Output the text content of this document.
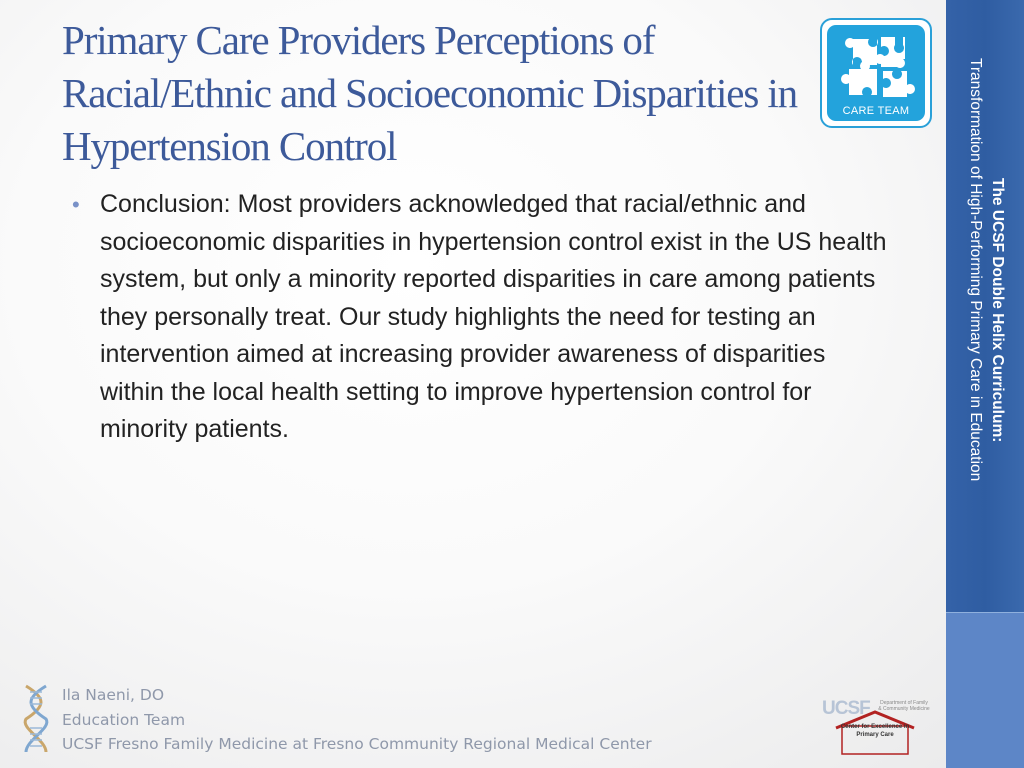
Primary Care Providers Perceptions of Racial/Ethnic and Socioeconomic Disparities in Hypertension Control
• Conclusion: Most providers acknowledged that racial/ethnic and socioeconomic disparities in hypertension control exist in the US health system, but only a minority reported disparities in care among patients they personally treat. Our study highlights the need for testing an intervention aimed at increasing provider awareness of disparities within the local health setting to improve hypertension control for minority patients.
CARE TEAM
The UCSF Double Helix Curriculum:
Transformation of High-Performing Primary Care in Education
Ila Naeni, DO
Education Team
UCSF Fresno Family Medicine at Fresno Community Regional Medical Center
UCSF	Department of Family & Community Medicine
Center for Excellence in Primary Care
